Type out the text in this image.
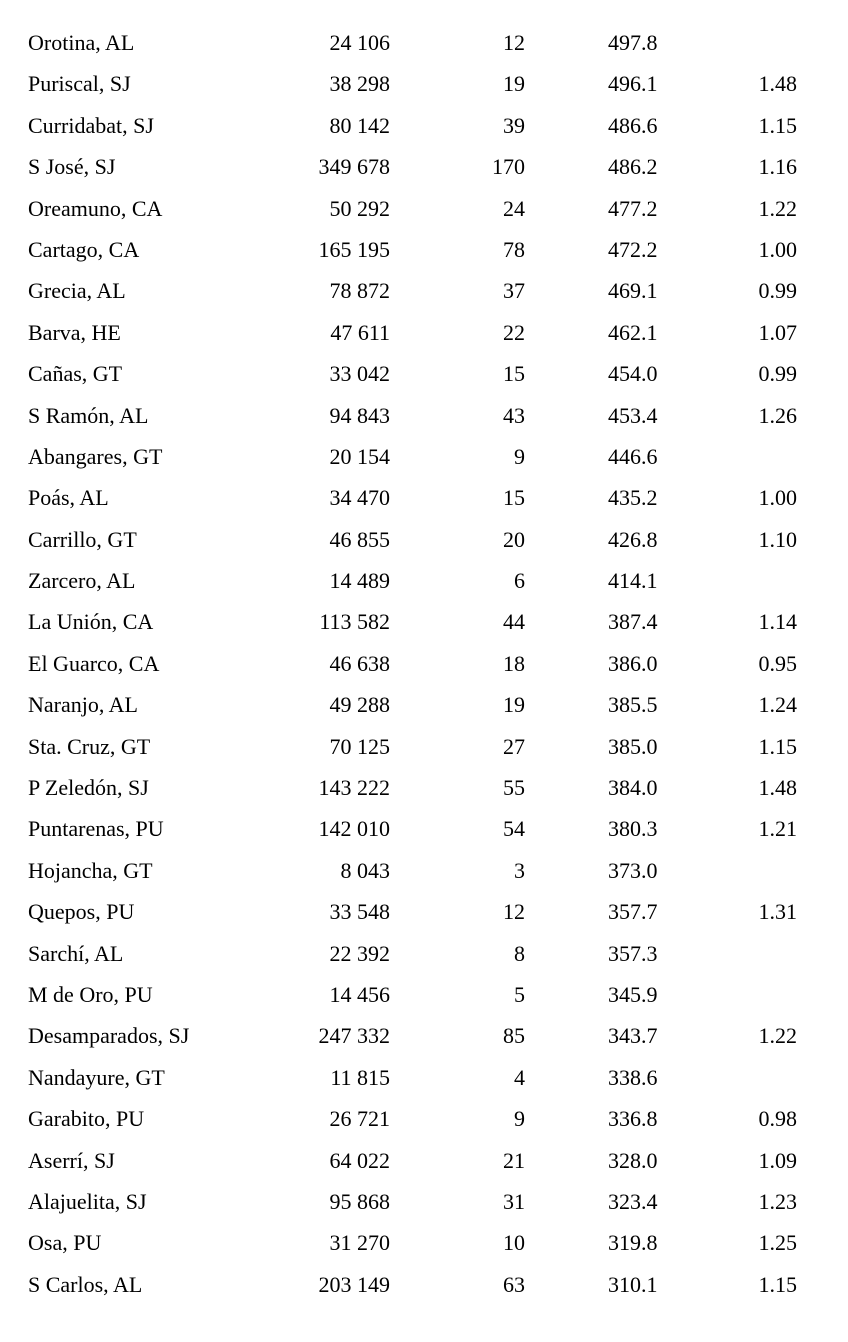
Orotina, AL	24 106	12	497.8
Puriscal, SJ	38 298	19	496.1	1.48
Curridabat, SJ	80 142	39	486.6	1.15
S José, SJ	349 678	170	486.2	1.16
Oreamuno, CA	50 292	24	477.2	1.22
Cartago, CA	165 195	78	472.2	1.00
Grecia, AL	78 872	37	469.1	0.99
Barva, HE	47 611	22	462.1	1.07
Cañas, GT	33 042	15	454.0	0.99
S Ramón, AL	94 843	43	453.4	1.26
Abangares, GT	20 154	9	446.6
Poás, AL	34 470	15	435.2	1.00
Carrillo, GT	46 855	20	426.8	1.10
Zarcero, AL	14 489	6	414.1
La Unión, CA	113 582	44	387.4	1.14
El Guarco, CA	46 638	18	386.0	0.95
Naranjo, AL	49 288	19	385.5	1.24
Sta. Cruz, GT	70 125	27	385.0	1.15
P Zeledón, SJ	143 222	55	384.0	1.48
Puntarenas, PU	142 010	54	380.3	1.21
Hojancha, GT	8 043	3	373.0
Quepos, PU	33 548	12	357.7	1.31
Sarchí, AL	22 392	8	357.3
M de Oro, PU	14 456	5	345.9
Desamparados, SJ	247 332	85	343.7	1.22
Nandayure, GT	11 815	4	338.6
Garabito, PU	26 721	9	336.8	0.98
Aserrí, SJ	64 022	21	328.0	1.09
Alajuelita, SJ	95 868	31	323.4	1.23
Osa, PU	31 270	10	319.8	1.25
S Carlos, AL	203 149	63	310.1	1.15
